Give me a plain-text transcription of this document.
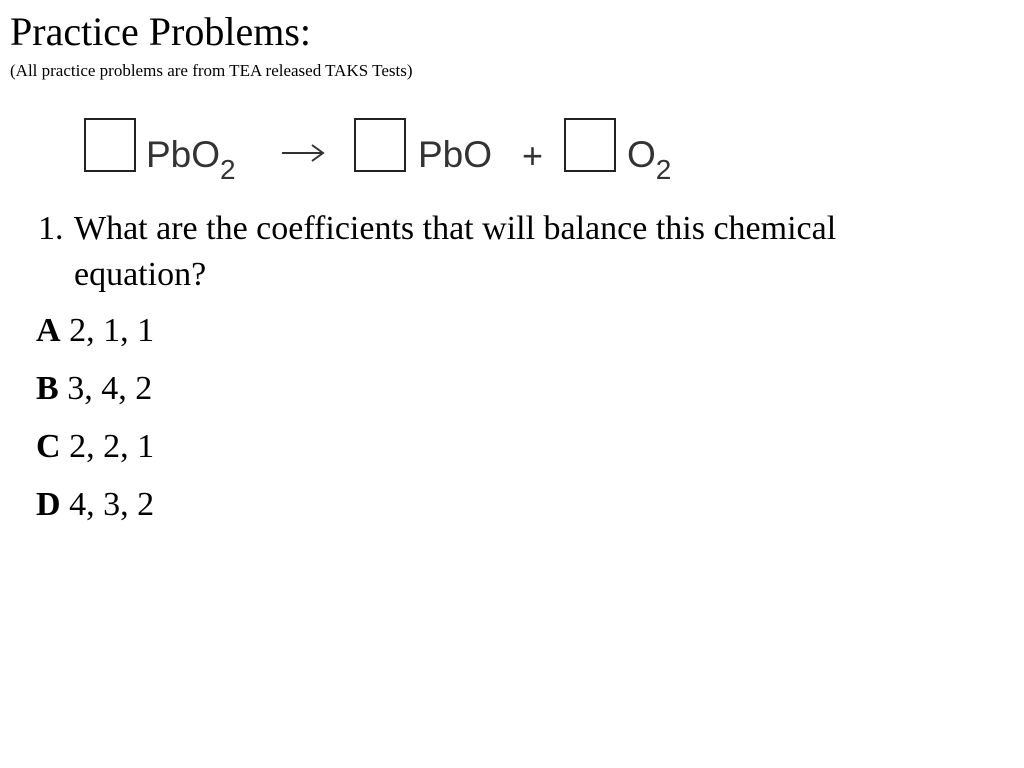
Practice Problems:
(All practice problems are from TEA released TAKS Tests)
PbO$_2$	PbO + $O_2$
1. What are the coefficients that will balance this chemical
equation?
A 2, 1, 1
B 3, 4, 2
C 2, 2, 1
D 4, 3, 2
